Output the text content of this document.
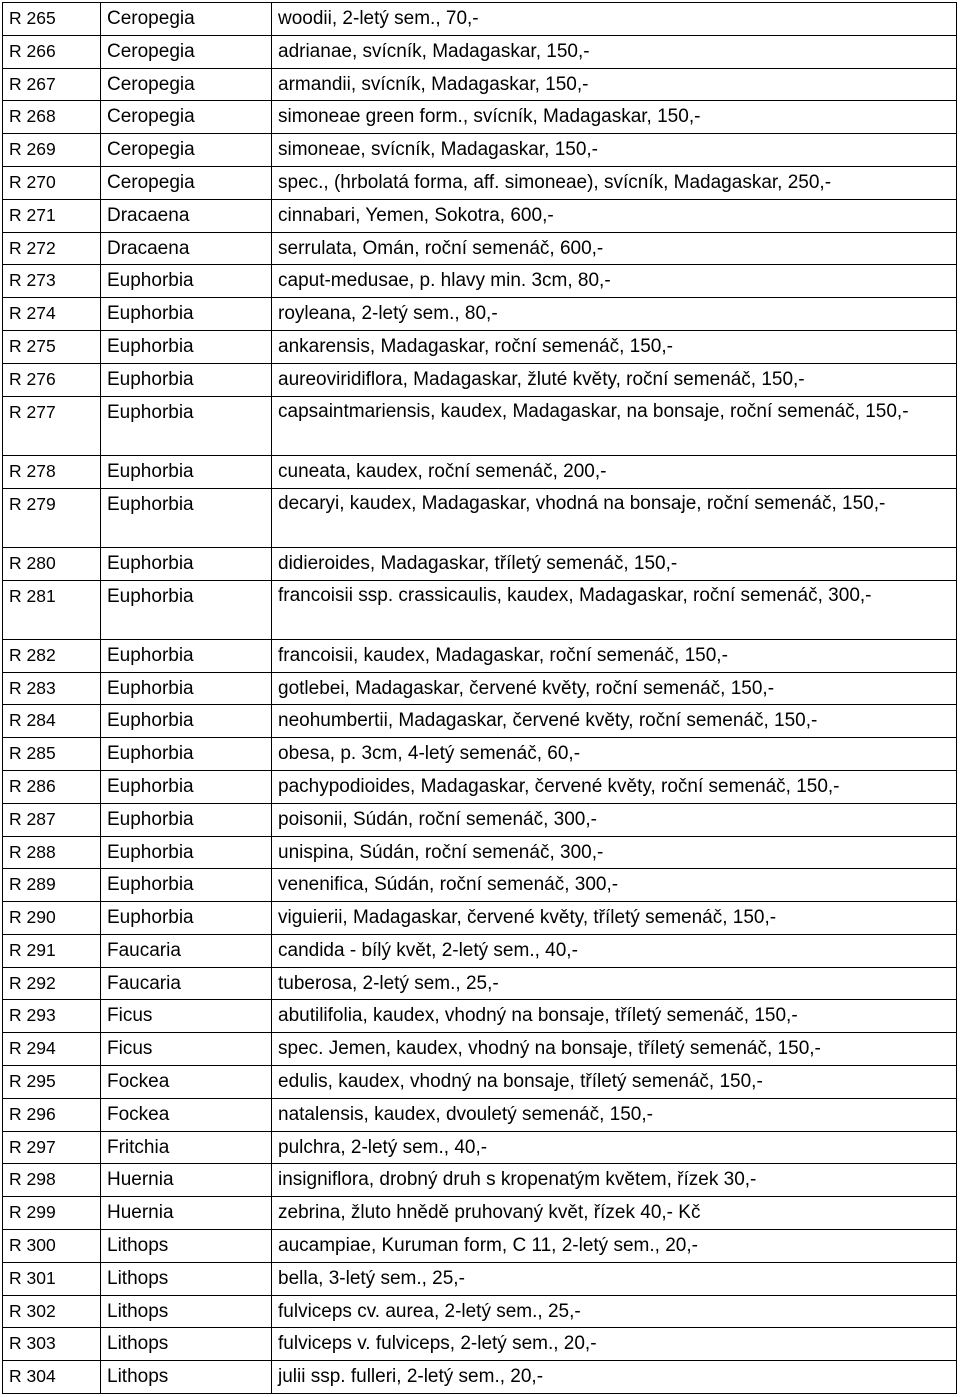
R 265	Ceropegia	woodii, 2-letý sem., 70,-
R 266	Ceropegia	adrianae, svícník, Madagaskar, 150,-
R 267	Ceropegia	armandii, svícník, Madagaskar, 150,-
R 268	Ceropegia	simoneae green form., svícník, Madagaskar, 150,-
R 269	Ceropegia	simoneae, svícník, Madagaskar, 150,-
R 270	Ceropegia	spec., (hrbolatá forma, aff. simoneae), svícník, Madagaskar, 250,-
R 271	Dracaena	cinnabari, Yemen, Sokotra, 600,-
R 272	Dracaena	serrulata, Omán, roční semenáč, 600,-
R 273	Euphorbia	caput-medusae, p. hlavy min. 3cm, 80,-
R 274	Euphorbia	royleana, 2-letý sem., 80,-
R 275	Euphorbia	ankarensis, Madagaskar, roční semenáč, 150,-
R 276	Euphorbia	aureoviridiflora, Madagaskar, žluté květy, roční semenáč, 150,-
R 277	Euphorbia	capsaintmariensis, kaudex, Madagaskar, na bonsaje, roční semenáč, 150,-
R 278	Euphorbia	cuneata, kaudex, roční semenáč, 200,-
R 279	Euphorbia	decaryi, kaudex, Madagaskar, vhodná na bonsaje, roční semenáč, 150,-
R 280	Euphorbia	didieroides, Madagaskar, tříletý semenáč, 150,-
R 281	Euphorbia	francoisii ssp. crassicaulis, kaudex, Madagaskar, roční semenáč, 300,-
R 282	Euphorbia	francoisii, kaudex, Madagaskar, roční semenáč, 150,-
R 283	Euphorbia	gotlebei, Madagaskar, červené květy, roční semenáč, 150,-
R 284	Euphorbia	neohumbertii, Madagaskar, červené květy, roční semenáč, 150,-
R 285	Euphorbia	obesa, p. 3cm, 4-letý semenáč, 60,-
R 286	Euphorbia	pachypodioides, Madagaskar, červené květy, roční semenáč, 150,-
R 287	Euphorbia	poisonii, Súdán, roční semenáč, 300,-
R 288	Euphorbia	unispina, Súdán, roční semenáč, 300,-
R 289	Euphorbia	venenifica, Súdán, roční semenáč, 300,-
R 290	Euphorbia	viguierii, Madagaskar, červené květy, tříletý semenáč, 150,-
R 291	Faucaria	candida - bílý květ, 2-letý sem., 40,-
R 292	Faucaria	tuberosa, 2-letý sem., 25,-
R 293	Ficus	abutilifolia, kaudex, vhodný na bonsaje, tříletý semenáč, 150,-
R 294	Ficus	spec. Jemen, kaudex, vhodný na bonsaje, tříletý semenáč, 150,-
R 295	Fockea	edulis, kaudex, vhodný na bonsaje, tříletý semenáč, 150,-
R 296	Fockea	natalensis, kaudex, dvouletý semenáč, 150,-
R 297	Fritchia	pulchra, 2-letý sem., 40,-
R 298	Huernia	insigniflora, drobný druh s kropenatým květem, řízek 30,-
R 299	Huernia	zebrina, žluto hnědě pruhovaný květ, řízek 40,- Kč
R 300	Lithops	aucampiae, Kuruman form, C 11, 2-letý sem., 20,-
R 301	Lithops	bella, 3-letý sem., 25,-
R 302	Lithops	fulviceps cv. aurea, 2-letý sem., 25,-
R 303	Lithops	fulviceps v. fulviceps, 2-letý sem., 20,-
R 304	Lithops	julii ssp. fulleri, 2-letý sem., 20,-
